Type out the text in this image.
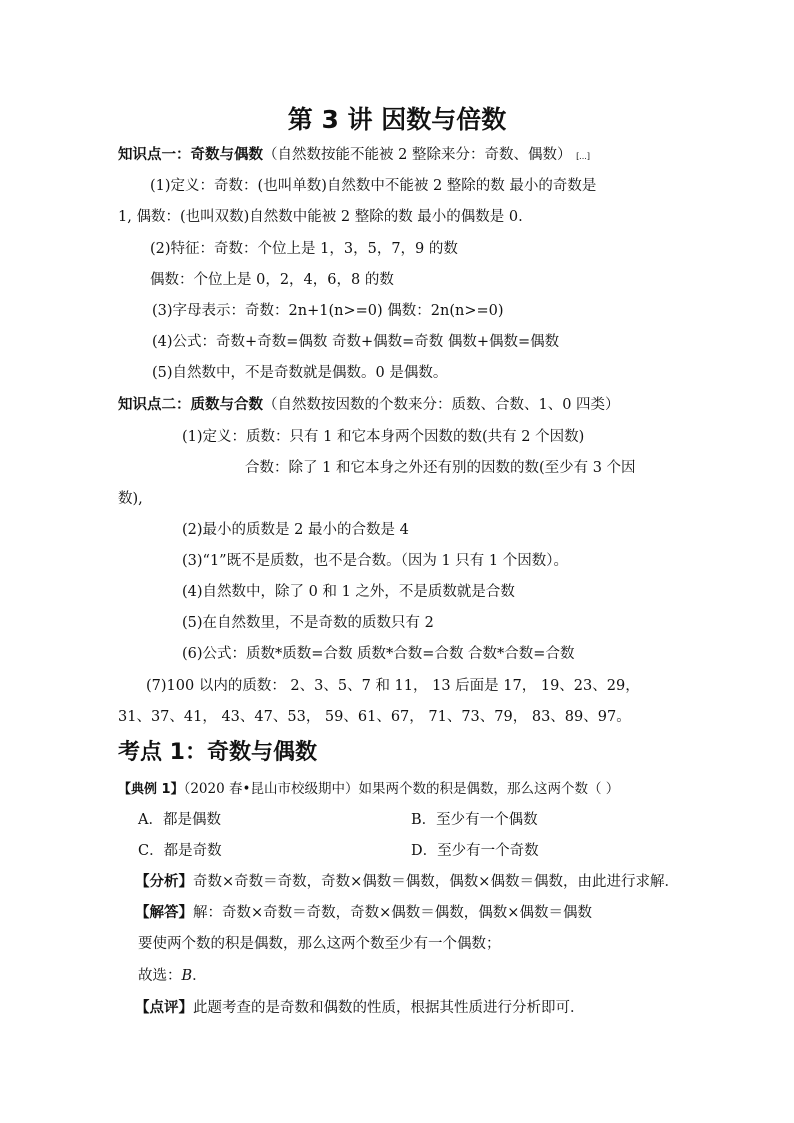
第 3 讲 因数与倍数
知识点一：奇数与偶数（自然数按能不能被 2 整除来分：奇数、偶数） [...]
(1)定义：奇数：(也叫单数)自然数中不能被 2 整除的数 最小的奇数是
1, 偶数：(也叫双数)自然数中能被 2 整除的数 最小的偶数是 0.
(2)特征：奇数：个位上是 1，3，5，7，9 的数
偶数：个位上是 0，2，4，6，8 的数
(3)字母表示：奇数：2n+1(n>=0) 偶数：2n(n>=0)
(4)公式：奇数+奇数=偶数 奇数+偶数=奇数 偶数+偶数=偶数
(5)自然数中，不是奇数就是偶数。0 是偶数。
知识点二：质数与合数（自然数按因数的个数来分：质数、合数、1、0 四类）
(1)定义：质数：只有 1 和它本身两个因数的数(共有 2 个因数)
合数：除了 1 和它本身之外还有别的因数的数(至少有 3 个因
数),
(2)最小的质数是 2 最小的合数是 4
(3)“1”既不是质数，也不是合数。（因为 1 只有 1 个因数）。
(4)自然数中，除了 0 和 1 之外，不是质数就是合数
(5)在自然数里，不是奇数的质数只有 2
(6)公式：质数*质数=合数 质数*合数=合数 合数*合数=合数
(7)100 以内的质数： 2、3、5、7 和 11， 13 后面是 17， 19、23、29，
31、37、41， 43、47、53， 59、61、67， 71、73、79， 83、89、97。
考点 1：奇数与偶数
【典例 1】（2020 春•昆山市校级期中）如果两个数的积是偶数，那么这两个数（ ）
A．都是偶数	B．至少有一个偶数
C．都是奇数	D．至少有一个奇数
【分析】奇数×奇数＝奇数，奇数×偶数＝偶数，偶数×偶数＝偶数，由此进行求解．
【解答】解：奇数×奇数＝奇数，奇数×偶数＝偶数，偶数×偶数＝偶数
要使两个数的积是偶数，那么这两个数至少有一个偶数；
故选：B．
【点评】此题考查的是奇数和偶数的性质，根据其性质进行分析即可．
